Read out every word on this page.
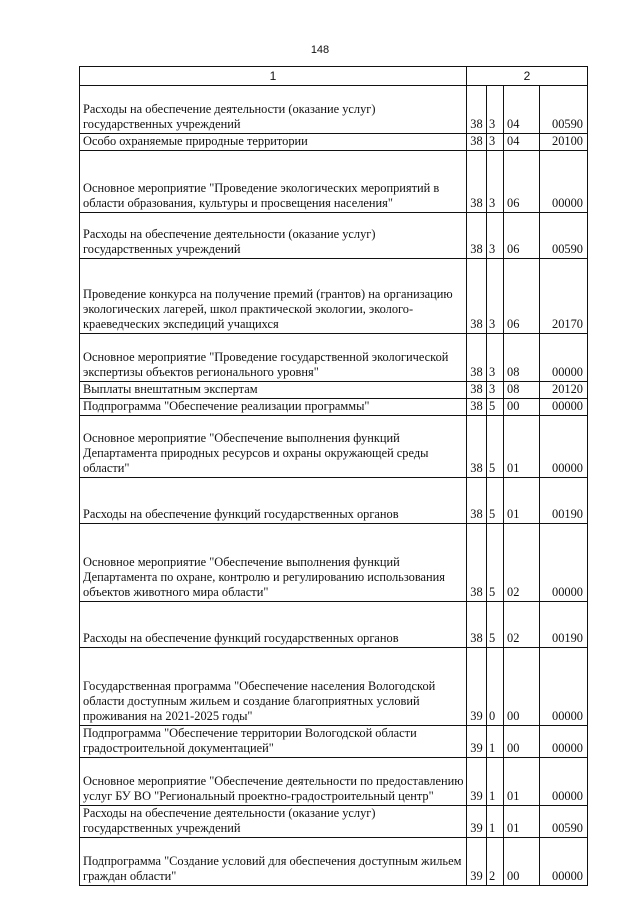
148
1	2			
Расходы на обеспечение деятельности (оказание услуг) государственных учреждений	38	3	04	00590
Особо охраняемые природные территории	38	3	04	20100
Основное мероприятие "Проведение экологических мероприятий в области образования, культуры и просвещения населения"	38	3	06	00000
Расходы на обеспечение деятельности (оказание услуг) государственных учреждений	38	3	06	00590
Проведение конкурса на получение премий (грантов) на организацию экологических лагерей, школ практической экологии, эколого-краеведческих экспедиций учащихся	38	3	06	20170
Основное мероприятие "Проведение государственной экологической экспертизы объектов регионального уровня"	38	3	08	00000
Выплаты внештатным экспертам	38	3	08	20120
Подпрограмма "Обеспечение реализации программы"	38	5	00	00000
Основное мероприятие "Обеспечение выполнения функций Департамента природных ресурсов и охраны окружающей среды области"	38	5	01	00000
Расходы на обеспечение функций государственных органов	38	5	01	00190
Основное мероприятие "Обеспечение выполнения функций Департамента по охране, контролю и регулированию использования объектов животного мира области"	38	5	02	00000
Расходы на обеспечение функций государственных органов	38	5	02	00190
Государственная программа "Обеспечение населения Вологодской области доступным жильем и создание благоприятных условий проживания на 2021-2025 годы"	39	0	00	00000
Подпрограмма "Обеспечение территории Вологодской области градостроительной документацией"	39	1	00	00000
Основное мероприятие "Обеспечение деятельности по предоставлению услуг БУ ВО "Региональный проектно-градостроительный центр"	39	1	01	00000
Расходы на обеспечение деятельности (оказание услуг) государственных учреждений	39	1	01	00590
Подпрограмма "Создание условий для обеспечения доступным жильем граждан области"	39	2	00	00000
